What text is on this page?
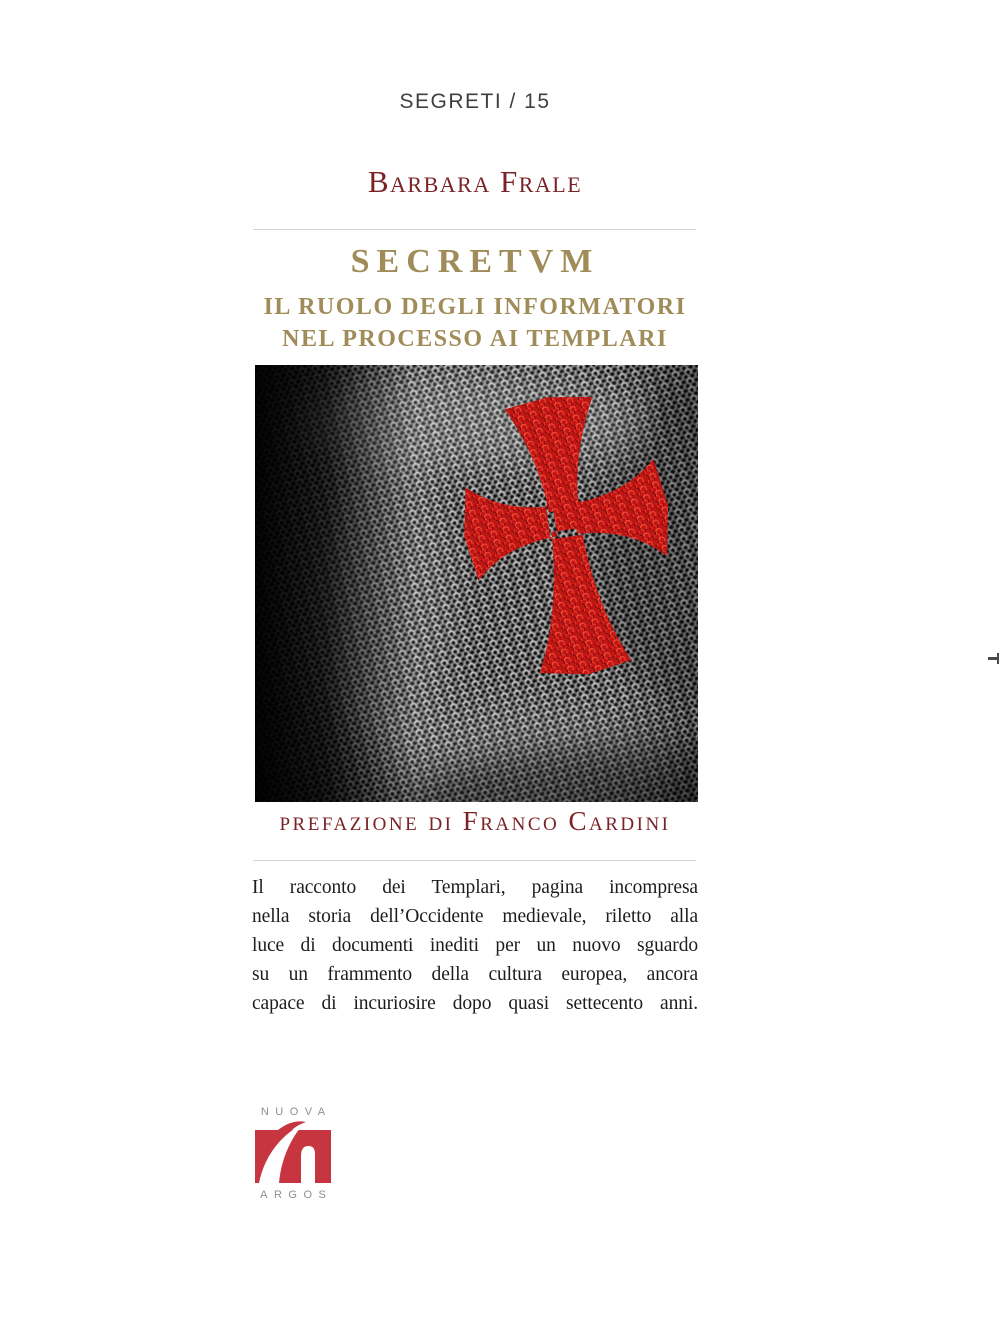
SEGRETI / 15
Barbara Frale
SECRETVM
IL RUOLO DEGLI INFORMATORI
NEL PROCESSO AI TEMPLARI
prefazione di Franco Cardini
Il racconto dei Templari, pagina incompresa
nella storia dell’Occidente medievale, riletto alla
luce di documenti inediti per un nuovo sguardo
su un frammento della cultura europea, ancora
capace di incuriosire dopo quasi settecento anni.
NUOVA
ARGOS
